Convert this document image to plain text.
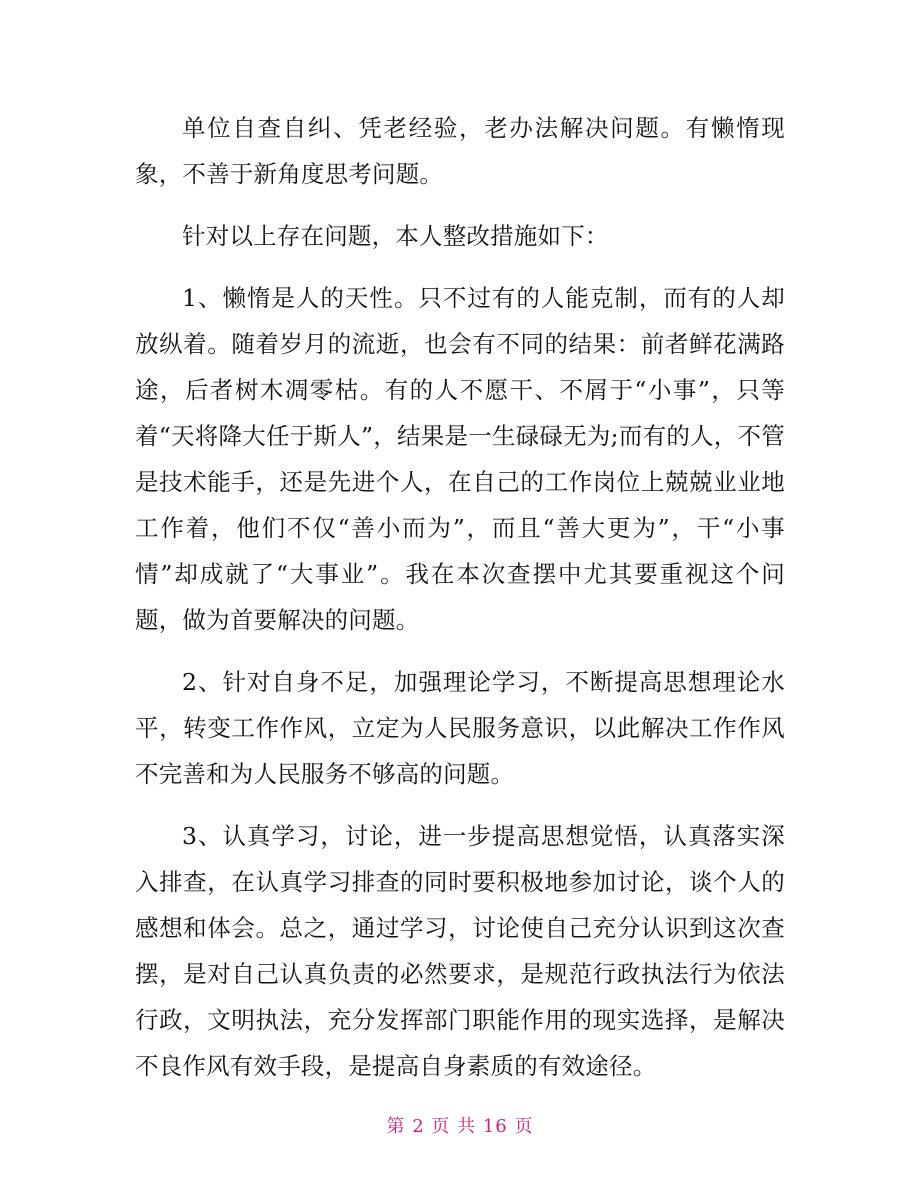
单位自查自纠、凭老经验，老办法解决问题。有懒惰现象，不善于新角度思考问题。

针对以上存在问题，本人整改措施如下：

1、懒惰是人的天性。只不过有的人能克制，而有的人却放纵着。随着岁月的流逝，也会有不同的结果：前者鲜花满路途，后者树木凋零枯。有的人不愿干、不屑于“小事”，只等着“天将降大任于斯人”，结果是一生碌碌无为;而有的人，不管是技术能手，还是先进个人，在自己的工作岗位上兢兢业业地工作着，他们不仅“善小而为”，而且“善大更为”，干“小事情”却成就了“大事业”。我在本次查摆中尤其要重视这个问题，做为首要解决的问题。

2、针对自身不足，加强理论学习，不断提高思想理论水平，转变工作作风，立定为人民服务意识，以此解决工作作风不完善和为人民服务不够高的问题。

3、认真学习，讨论，进一步提高思想觉悟，认真落实深入排查，在认真学习排查的同时要积极地参加讨论，谈个人的感想和体会。总之，通过学习，讨论使自己充分认识到这次查摆，是对自己认真负责的必然要求，是规范行政执法行为依法行政，文明执法，充分发挥部门职能作用的现实选择，是解决不良作风有效手段，是提高自身素质的有效途径。

第 2 页 共 16 页
